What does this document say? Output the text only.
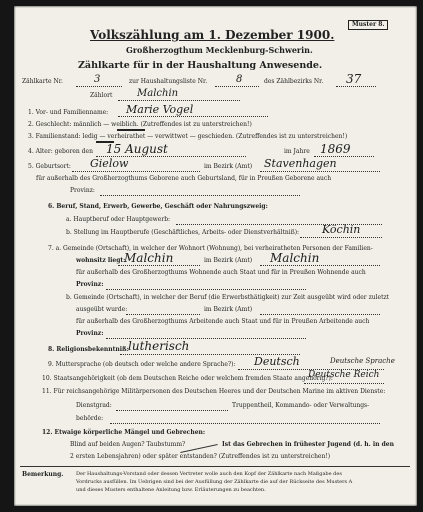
Muster 8.
Volkszählung am 1. Dezember 1900.
Großherzogthum Mecklenburg-Schwerin.
Zählkarte für in der Haushaltung Anwesende.
Zählkarte Nr.	3	zur Haushaltungsliste Nr.	8	des Zählbezirks Nr. 37
Zählort Malchin
1. Vor- und Familienname: Marie Vogel
2. Geschlecht: männlich — weiblich. (Zutreffendes ist zu unterstreichen!)
3. Familienstand: ledig — verheirathet — verwittwet — geschieden. (Zutreffendes ist zu unterstreichen!)
4. Alter: geboren den 15 August	im Jahre 1869
5. Geburtsort: Gielow	im Bezirk (Amt) Stavenhagen
für außerhalb des Großherzogthums Geborene auch Geburtsland, für in Preußen Geborene auch
Provinz:
6. Beruf, Stand, Erwerb, Gewerbe, Geschäft oder Nahrungszweig:
a. Hauptberuf oder Hauptgewerb:
b. Stellung im Hauptberufe (Geschäftliches, Arbeits- oder Dienstverhältniß): Köchin
7. a. Gemeinde (Ortschaft), in welcher der Wohnort (Wohnung), bei verheiratheten Personen der Familien-
wohnsitz liegt:
Malchin	im Bezirk (Amt) Malchin
für außerhalb des Großherzogthums Wohnende auch Staat und für in Preußen Wohnende auch
Provinz:
b. Gemeinde (Ortschaft), in welcher der Beruf (die Erwerbsthätigkeit) zur Zeit ausgeübt wird oder zuletzt
ausgeübt wurde:	im Bezirk (Amt)
für außerhalb des Großherzogthums Arbeitende auch Staat und für in Preußen Arbeitende auch
Provinz:
8. Religionsbekenntniß: lutherisch
9. Muttersprache (ob deutsch oder welche andere Sprache?): Deutsch	Deutsche Sprache
10. Staatsangehörigkeit (ob dem Deutschen Reiche oder welchem fremden Staate angehörig?):
Deutsche Reich
11. Für reichsangehörige Militärpersonen des Deutschen Heeres und der Deutschen Marine im aktiven Dienste:
Dienstgrad:	Truppentheil, Kommando- oder Verwaltungs-
behörde:
12. Etwaige körperliche Mängel und Gebrechen:
Blind auf beiden Augen? Taubstumm?	Ist das Gebrechen in frühester Jugend (d. h. in den
2 ersten Lebensjahren) oder später entstanden? (Zutreffendes ist zu unterstreichen!)
Bemerkung.	Der Haushaltungs-Vorstand oder dessen Vertreter wolle auch den Kopf der Zählkarte nach Maßgabe des
Vordrucks ausfüllen. Im Uebrigen sind bei der Ausfüllung der Zählkarte die auf der Rückseite des Musters A
und dieses Musters enthaltene Anleitung bzw. Erläuterungen zu beachten.
